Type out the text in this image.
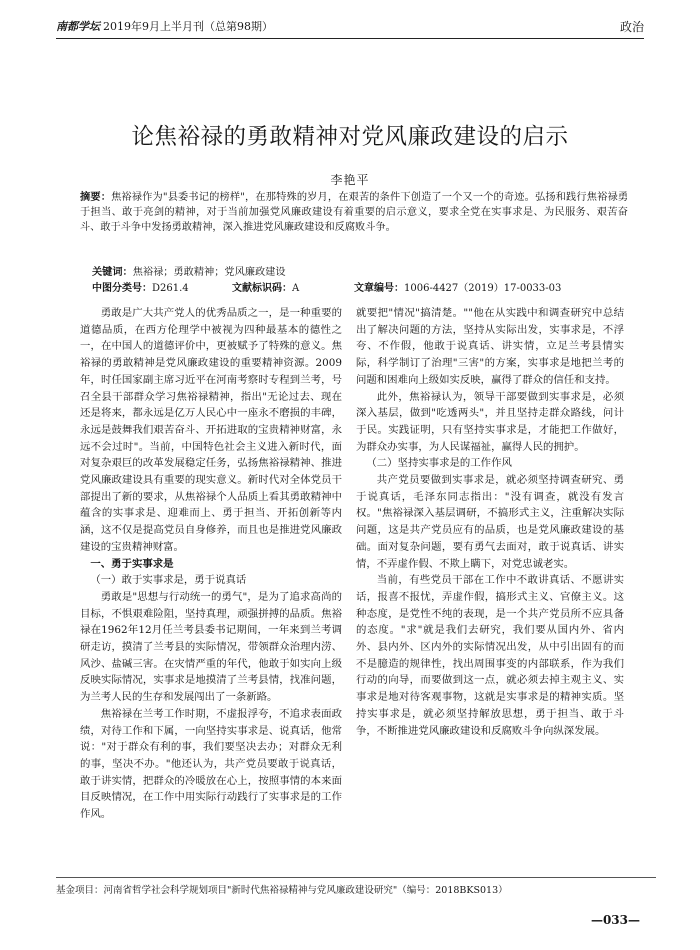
南都学坛 2019年9月上半月刊（总第98期）	政治
论焦裕禄的勇敢精神对党风廉政建设的启示
李艳平
摘要：焦裕禄作为"县委书记的榜样"，在那特殊的岁月，在艰苦的条件下创造了一个又一个的奇迹。弘扬和践行焦裕禄勇于担当、敢于亮剑的精神，对于当前加强党风廉政建设有着重要的启示意义，要求全党在实事求是、为民服务、艰苦奋斗、敢于斗争中发扬勇敢精神，深入推进党风廉政建设和反腐败斗争。
关键词：焦裕禄；勇敢精神；党风廉政建设
中图分类号：D261.4	文献标识码：A	文章编号：1006-4427（2019）17-0033-03

勇敢是广大共产党人的优秀品质之一，是一种重要的道德品质，在西方伦理学中被视为四种最基本的德性之一，在中国人的道德评价中，更被赋予了特殊的意义。焦裕禄的勇敢精神是党风廉政建设的重要精神资源。2009年，时任国家副主席习近平在河南考察时专程到兰考，号召全县干部群众学习焦裕禄精神，指出"无论过去、现在还是将来，都永远是亿万人民心中一座永不磨损的丰碑，永远是鼓舞我们艰苦奋斗、开拓进取的宝贵精神财富，永远不会过时"。当前，中国特色社会主义进入新时代，面对复杂艰巨的改革发展稳定任务，弘扬焦裕禄精神、推进党风廉政建设具有重要的现实意义。新时代对全体党员干部提出了新的要求，从焦裕禄个人品质上看其勇敢精神中蕴含的实事求是、迎难而上、勇于担当、开拓创新等内涵，这不仅是提高党员自身修养，而且也是推进党风廉政建设的宝贵精神财富。

一、勇于实事求是
（一）敢于实事求是，勇于说真话

勇敢是"思想与行动统一的勇气"，是为了追求高尚的目标，不惧艰难险阻，坚持真理，顽强拼搏的品质。焦裕禄在1962年12月任兰考县委书记期间，一年来到兰考调研走访，摸清了兰考县的实际情况，带领群众治理内涝、风沙、盐碱三害。在灾情严重的年代，他敢于如实向上级反映实际情况，实事求是地摸清了兰考县情，找准问题，为兰考人民的生存和发展闯出了一条新路。

焦裕禄在兰考工作时期，不虚报浮夸，不追求表面政绩，对待工作和下属，一向坚持实事求是、说真话，他常说："对于群众有利的事，我们要坚决去办；对群众无利的事，坚决不办。"他还认为，共产党员要敢于说真话，敢于讲实情，把群众的冷暖放在心上，按照事情的本来面目反映情况，在工作中用实际行动践行了实事求是的工作作风。

就要把"情况"搞清楚。""他在从实践中和调查研究中总结出了解决问题的方法，坚持从实际出发，实事求是，不浮夸、不作假，他敢于说真话、讲实情，立足兰考县情实际，科学制订了治理"三害"的方案，实事求是地把兰考的问题和困难向上级如实反映，赢得了群众的信任和支持。

此外，焦裕禄认为，领导干部要做到实事求是，必须深入基层，做到"吃透两头"，并且坚持走群众路线，问计于民。实践证明，只有坚持实事求是，才能把工作做好，为群众办实事，为人民谋福祉，赢得人民的拥护。

（二）坚持实事求是的工作作风

共产党员要做到实事求是，就必须坚持调查研究、勇于说真话，毛泽东同志指出："没有调查，就没有发言权。"焦裕禄深入基层调研，不搞形式主义，注重解决实际问题，这是共产党员应有的品质，也是党风廉政建设的基础。面对复杂问题，要有勇气去面对，敢于说真话、讲实情，不弄虚作假、不欺上瞒下，对党忠诚老实。

当前，有些党员干部在工作中不敢讲真话、不愿讲实话，报喜不报忧，弄虚作假，搞形式主义、官僚主义。这种态度，是党性不纯的表现，是一个共产党员所不应具备的态度。"求"就是我们去研究，我们要从国内外、省内外、县内外、区内外的实际情况出发，从中引出固有的而不是臆造的规律性，找出周围事变的内部联系，作为我们行动的向导，而要做到这一点，就必须去掉主观主义、实事求是地对待客观事物，这就是实事求是的精神实质。坚持实事求是，就必须坚持解放思想，勇于担当、敢于斗争，不断推进党风廉政建设和反腐败斗争向纵深发展。

基金项目：河南省哲学社会科学规划项目"新时代焦裕禄精神与党风廉政建设研究"（编号：2018BKS013）
—033—
